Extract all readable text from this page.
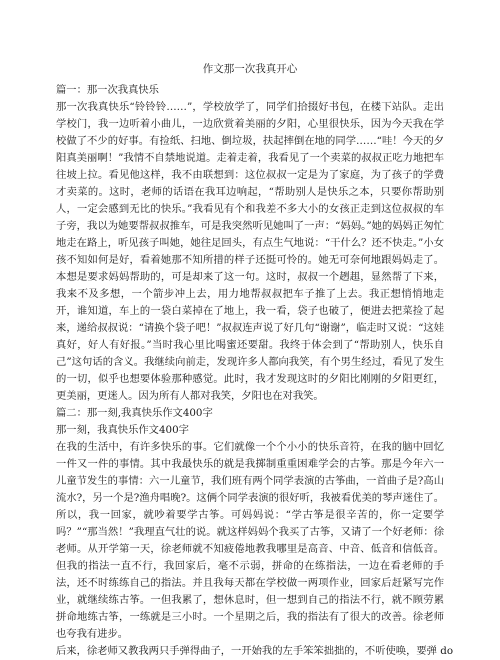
作文那一次我真开心
篇一：那一次我真快乐

那一次我真快乐“铃铃铃……”，学校放学了，同学们拾掇好书包，在楼下站队。走出学校门，我一边听着小曲儿，一边欣赏着美丽的夕阳，心里很快乐，因为今天我在学校做了不少的好事。有捡纸、扫地、倒垃圾，扶起摔倒在地的同学……“哇！今天的夕阳真美丽啊！”我情不自禁地说道。走着走着，我看见了一个卖菜的叔叔正吃力地把车往坡上拉。看见他这样，我不由联想到：这位叔叔一定是为了家庭，为了孩子的学费才卖菜的。这时，老师的话语在我耳边响起，“帮助别人是快乐之本，只要你帮助别人，一定会感到无比的快乐。”我看见有个和我差不多大小的女孩正走到这位叔叔的车子旁，我以为她要帮叔叔推车，可是我突然听见她叫了一声：“妈妈。”她的妈妈正匆忙地走在路上，听见孩子叫她，她往足回头，有点生气地说：“干什么？还不快走。”小女孩不知如何是好，看着她那不知所措的样子还挺可怜的。她无可奈何地跟妈妈走了。本想是要求妈妈帮助的，可是却来了这一句。这时，叔叔一个趔趄，显然帮了下来，我来不及多想，一个箭步冲上去，用力地帮叔叔把车子推了上去。我正想悄悄地走开，谁知道，车上的一袋白菜掉在了地上，我一看，袋子也破了，便进去把菜捡了起来，递给叔叔说：“请换个袋子吧！”叔叔连声说了好几句“谢谢”，临走时又说：“这娃真好，好人有好报。”当时我心里比喝蜜还要甜。我终于体会到了“帮助别人，快乐自己”这句话的含义。我继续向前走，发现许多人都向我笑，有个男生经过，看见了发生的一切，似乎也想要体验那种感觉。此时，我才发现这时的夕阳比刚刚的夕阳更红，更美丽，更迷人。因为所有人都对我笑，夕阳也在对我笑。

篇二：那一刻,我真快乐作文400字
那一刻，我真快乐作文400字

在我的生活中，有许多快乐的事。它们就像一个个小小的快乐音符，在我的脑中回忆一件又一件的事情。其中我最快乐的就是我掷制重重困难学会的古筝。那是今年六一儿童节发生的事情：六一儿童节，我们班有两个同学表演的古筝曲，一首曲子是?高山流水?，另一个是?渔舟唱晚?。这俩个同学表演的很好听，我被看优美的琴声迷住了。所以，我一回家，就吵着要学古筝。可妈妈说：“学古筝是很辛苦的，你一定要学吗？”“那当然！”我理直气壮的说。就这样妈妈个我买了古筝，又请了一个好老师：徐老师。从开学第一天，徐老师就不知疲倦地教我哪里是高音、中音、低音和信低音。但我的指法一直不行，我回家后，毫不示弱，拼命的在练指法，一边在看老师的手法，还不时练练自己的指法。并且我每天都在学校做一两项作业，回家后赶紧写完作业，就继续练古筝。一但我累了，想休息时，但一想到自己的指法不行，就不顾劳累拼命地练古筝，一练就是三小时。一个星期之后，我的指法有了很大的改善。徐老师也夸我有进步。

后来，徐老师又教我两只手弹得曲子，一开始我的左手笨笨拙拙的，不听使唤，要弹 do
